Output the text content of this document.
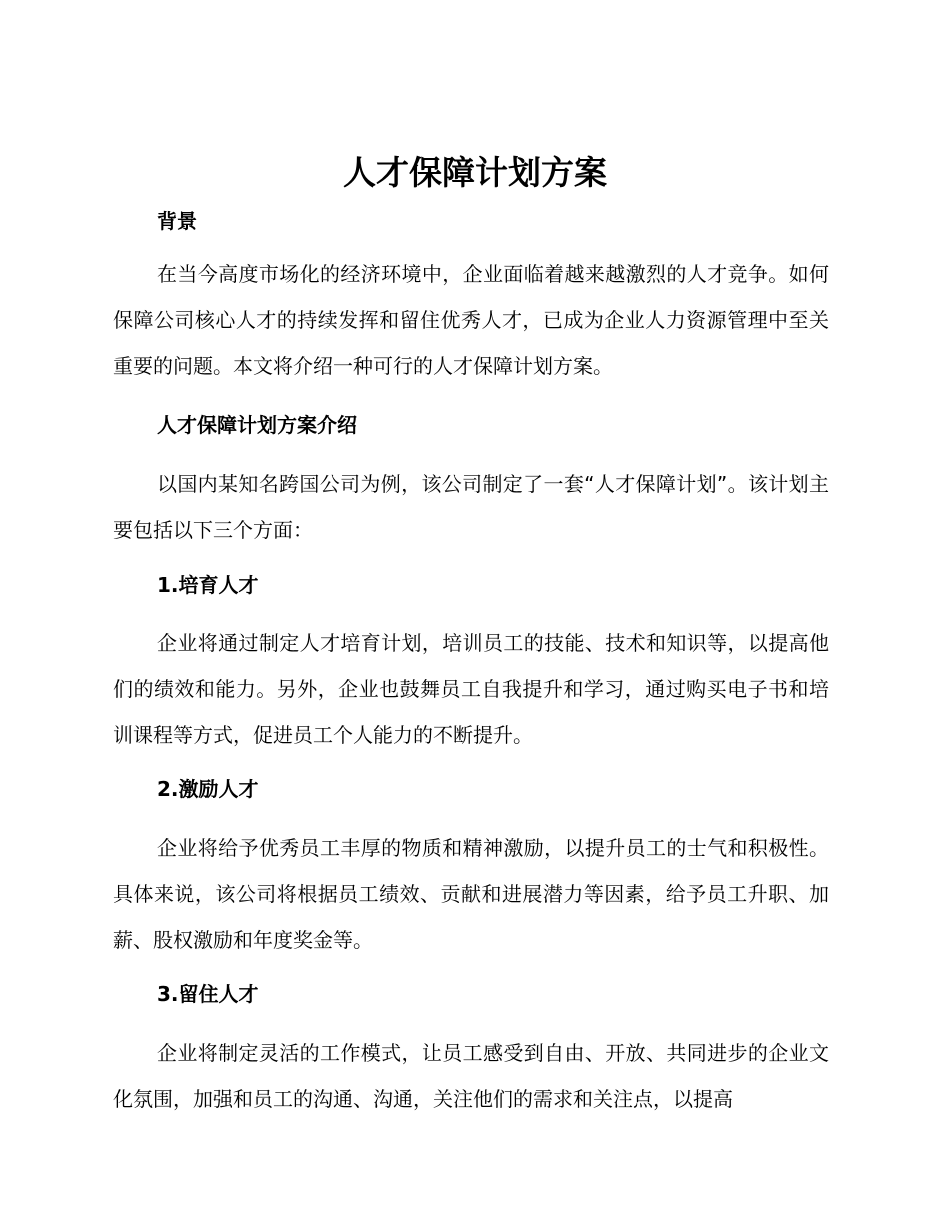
人才保障计划方案
背景

在当今高度市场化的经济环境中，企业面临着越来越激烈的人才竞争。如何保障公司核心人才的持续发挥和留住优秀人才，已成为企业人力资源管理中至关重要的问题。本文将介绍一种可行的人才保障计划方案。

人才保障计划方案介绍

以国内某知名跨国公司为例，该公司制定了一套“人才保障计划”。该计划主要包括以下三个方面：

1.培育人才

企业将通过制定人才培育计划，培训员工的技能、技术和知识等，以提高他们的绩效和能力。另外，企业也鼓舞员工自我提升和学习，通过购买电子书和培训课程等方式，促进员工个人能力的不断提升。

2.激励人才

企业将给予优秀员工丰厚的物质和精神激励，以提升员工的士气和积极性。具体来说，该公司将根据员工绩效、贡献和进展潜力等因素，给予员工升职、加薪、股权激励和年度奖金等。

3.留住人才

企业将制定灵活的工作模式，让员工感受到自由、开放、共同进步的企业文化氛围，加强和员工的沟通、沟通，关注他们的需求和关注点，以提高
